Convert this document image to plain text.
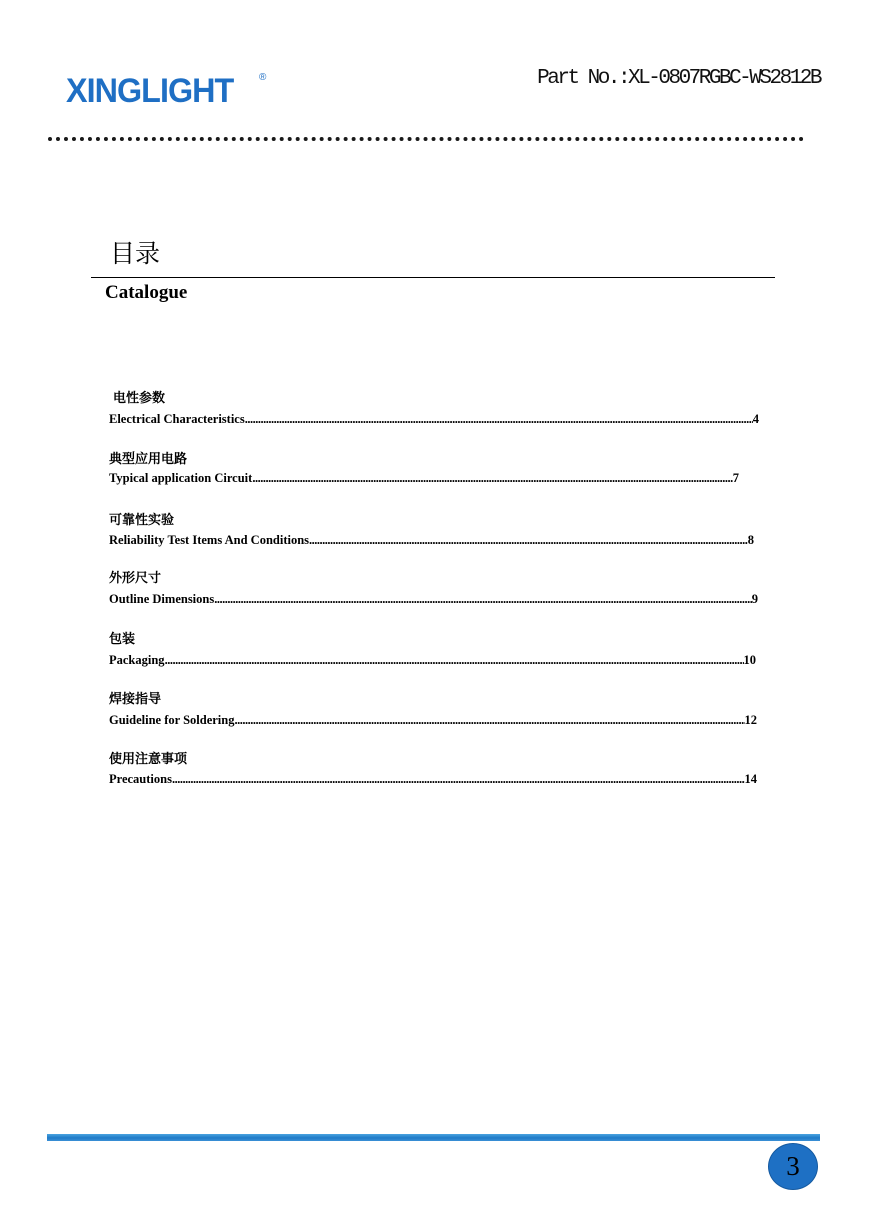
XINGLIGHT	®	Part No.:XL-0807RGBC-WS2812B
目录
Catalogue
电性参数
Electrical Characteristics .....	4
典型应用电路
Typical application Circuit .....	7
可靠性实验
Reliability Test Items And Conditions .....	8
外形尺寸
Outline Dimensions .....	9
包装
Packaging .....	10
焊接指导
Guideline for Soldering .....	12
使用注意事项
Precautions .....	14
3
